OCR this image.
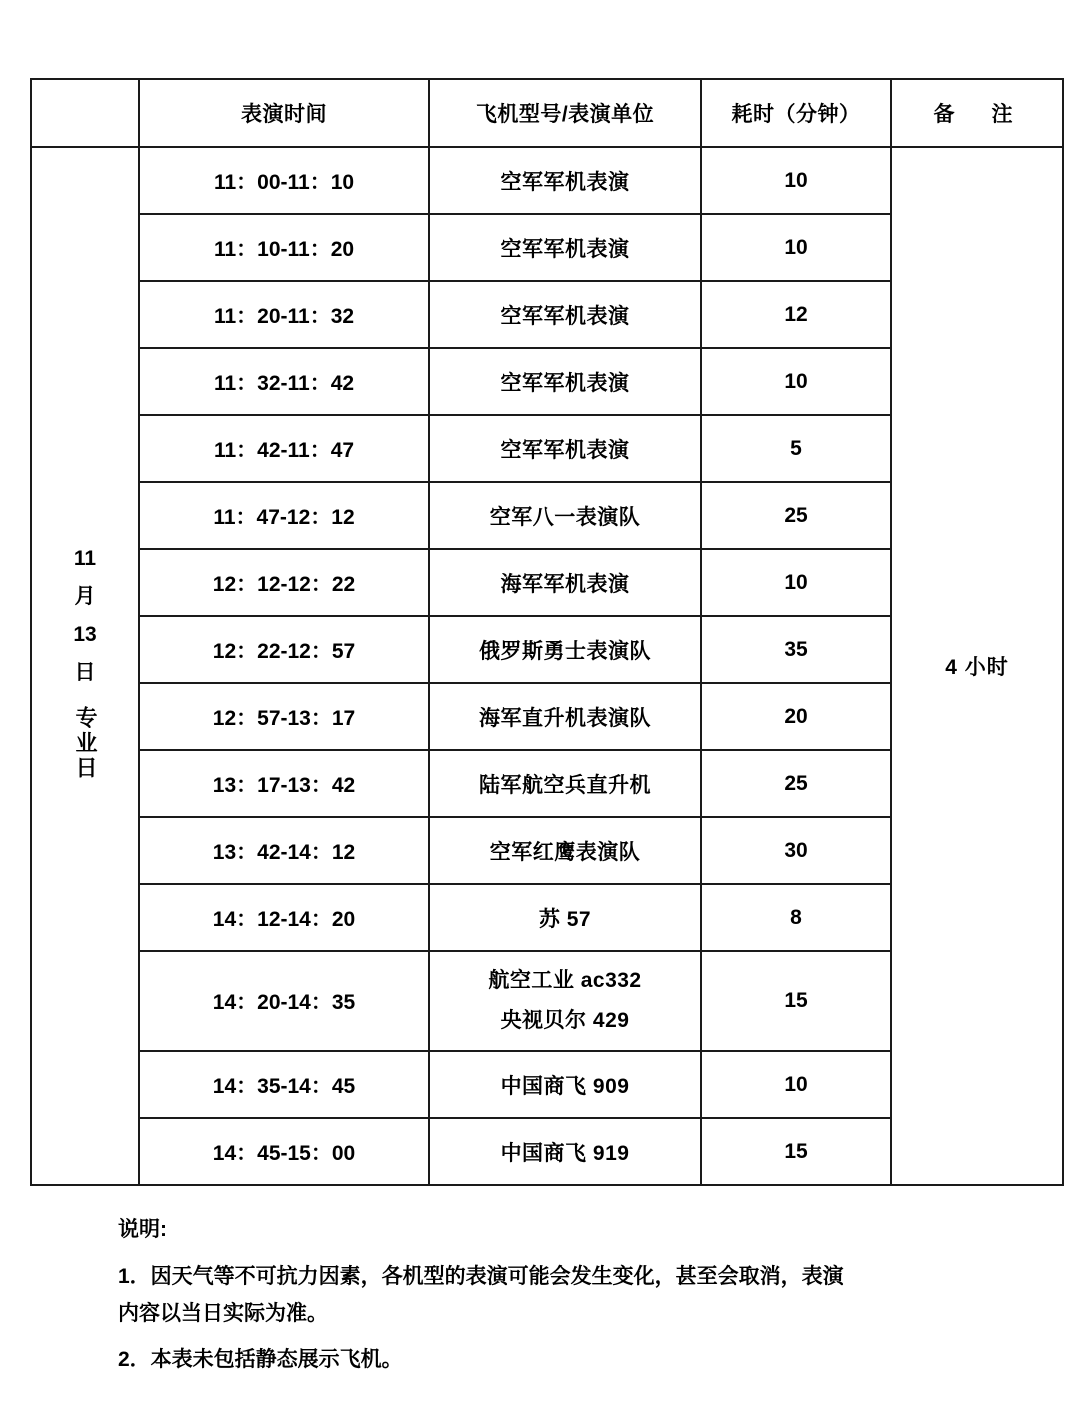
	表演时间	飞机型号/表演单位	耗时（分钟）	备　注

11
月
13
日
专业日	11：00-11：10	空军军机表演	10	4 小时
	11：10-11：20	空军军机表演	10	
	11：20-11：32	空军军机表演	12	
	11：32-11：42	空军军机表演	10	
	11：42-11：47	空军军机表演	5	
	11：47-12：12	空军八一表演队	25	
	12：12-12：22	海军军机表演	10	
	12：22-12：57	俄罗斯勇士表演队	35	
	12：57-13：17	海军直升机表演队	20	
	13：17-13：42	陆军航空兵直升机	25	
	13：42-14：12	空军红鹰表演队	30	
	14：12-14：20	苏 57	8	
	14：20-14：35	航空工业 ac332
央视贝尔 429	15	
	14：35-14：45	中国商飞 909	10	
	14：45-15：00	中国商飞 919	15	
说明:
1．因天气等不可抗力因素，各机型的表演可能会发生变化，甚至会取消，表演
内容以当日实际为准。
2．本表未包括静态展示飞机。
